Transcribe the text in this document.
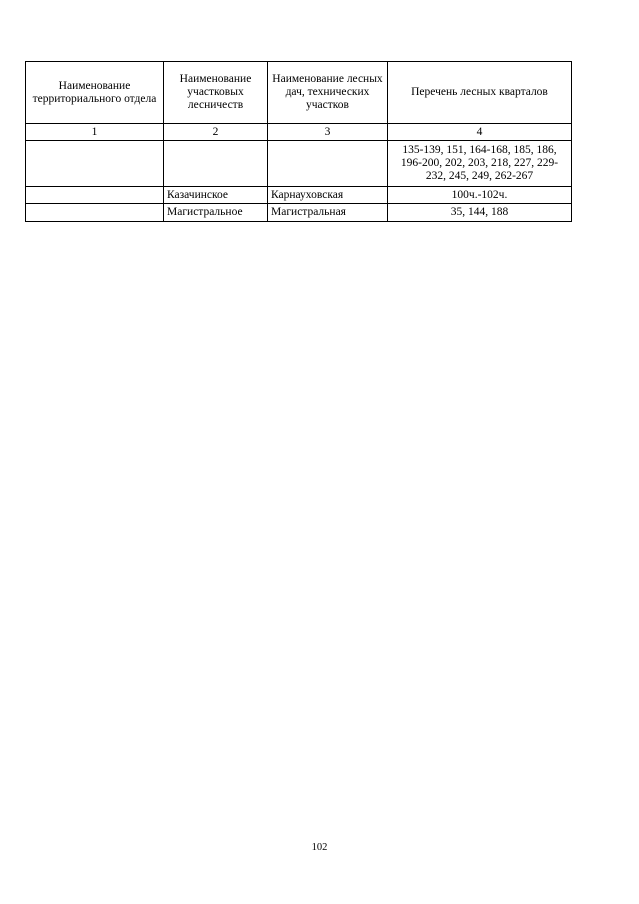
Наименование территориального отдела	Наименование участковых лесничеств	Наименование лесных дач, технических участков	Перечень лесных кварталов
1	2	3	4
			135-139, 151, 164-168, 185, 186, 196-200, 202, 203, 218, 227, 229-232, 245, 249, 262-267
	Казачинское	Карнауховская	100ч.-102ч.
	Магистральное	Магистральная	35, 144, 188
102
